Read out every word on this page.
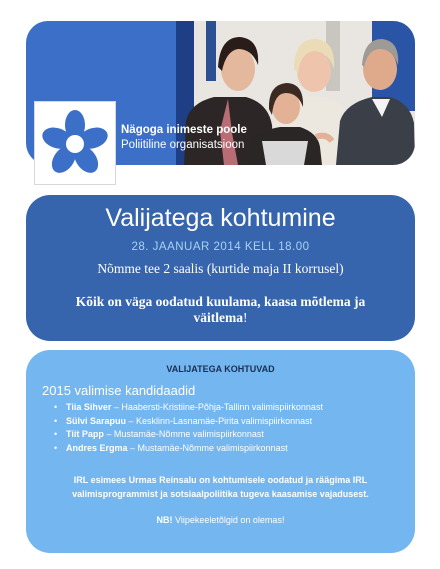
Nägoga inimeste poole
Poliitiline organisatsioon
Valijatega kohtumine
28. JAANUAR 2014 KELL 18.00
Nõmme tee 2 saalis (kurtide maja II korrusel)
Kõik on väga oodatud kuulama, kaasa mõtlema ja väitlema!
VALIJATEGA KOHTUVAD
2015 valimise kandidaadid
• Tiia Sihver – Haabersti-Kristiine-Põhja-Tallinn valimispiirkonnast
• Sülvi Sarapuu – Kesklinn-Lasnamäe-Pirita valimispiirkonnast
• Tiit Papp – Mustamäe-Nõmme valimispiirkonnast
• Andres Ergma – Mustamäe-Nõmme valimispiirkonnast
IRL esimees Urmas Reinsalu on kohtumisele oodatud ja räägima IRL valimisprogrammist ja sotsiaalpoliitika tugeva kaasamise vajadusest.
NB! Viipekeeletõlgid on olemas!
